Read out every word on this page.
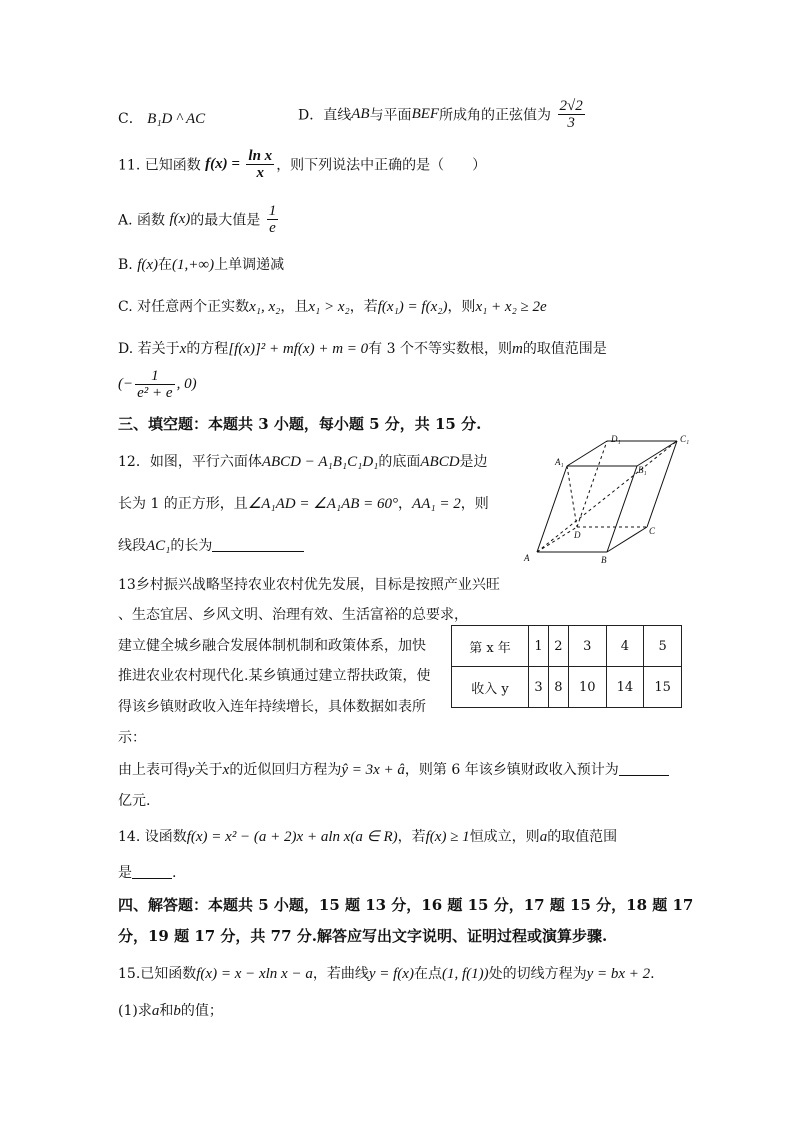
C． B₁D ^ AC	D．直线AB与平面BEF所成角的正弦值为 $\frac{2√2}{3}$
11. 已知函数 $f(x) = \frac{\text{ln x}}{x}$ ，则下列说法中正确的是（　　）
A. 函数 f(x)的最大值是 $\frac{1}{e}$
B. f(x)在(1,+∞)上单调递减
C. 对任意两个正实数x₁, x₂，且x₁ > x₂，若f(x₁) = f(x₂)，则x₁ + x₂ ≥ 2e
D. 若关于x的方程[f(x)]² + mf(x) + m = 0有 3 个不等实数根，则m的取值范围是
(− $\frac{1}{\text{e² + e}}$ , 0)
三、填空题：本题共 3 小题，每小题 5 分，共 15 分.
12．如图，平行六面体ABCD − A₁B₁C₁D₁的底面ABCD是边
长为 1 的正方形，且∠A₁AD = ∠A₁AB = 60°，AA₁ = 2，则
线段AC₁的长为
D₁	C₁
A₁
B₁
D	C
A	B
13乡村振兴战略坚持农业农村优先发展，目标是按照产业兴旺
、生态宜居、乡风文明、治理有效、生活富裕的总要求，
建立健全城乡融合发展体制机制和政策体系，加快
推进农业农村现代化.某乡镇通过建立帮扶政策，使
得该乡镇财政收入连年持续增长，具体数据如表所
示：
第 x 年	1	2	3	4	5
收入 y	3	8	10	14	15
由上表可得y关于x的近似回归方程为ŷ = 3x + â，则第 6 年该乡镇财政收入预计为
亿元.
14. 设函数f(x) = x² − (a + 2)x + aln x(a ∈ R)，若f(x) ≥ 1恒成立，则a的取值范围
是	.
四、解答题：本题共 5 小题，15 题 13 分，16 题 15 分，17 题 15 分，18 题 17
分，19 题 17 分，共 77 分.解答应写出文字说明、证明过程或演算步骤.
15.已知函数f(x) = x − xln x − a，若曲线y = f(x)在点(1, f(1))处的切线方程为y = bx + 2.
(1)求a和b的值；
